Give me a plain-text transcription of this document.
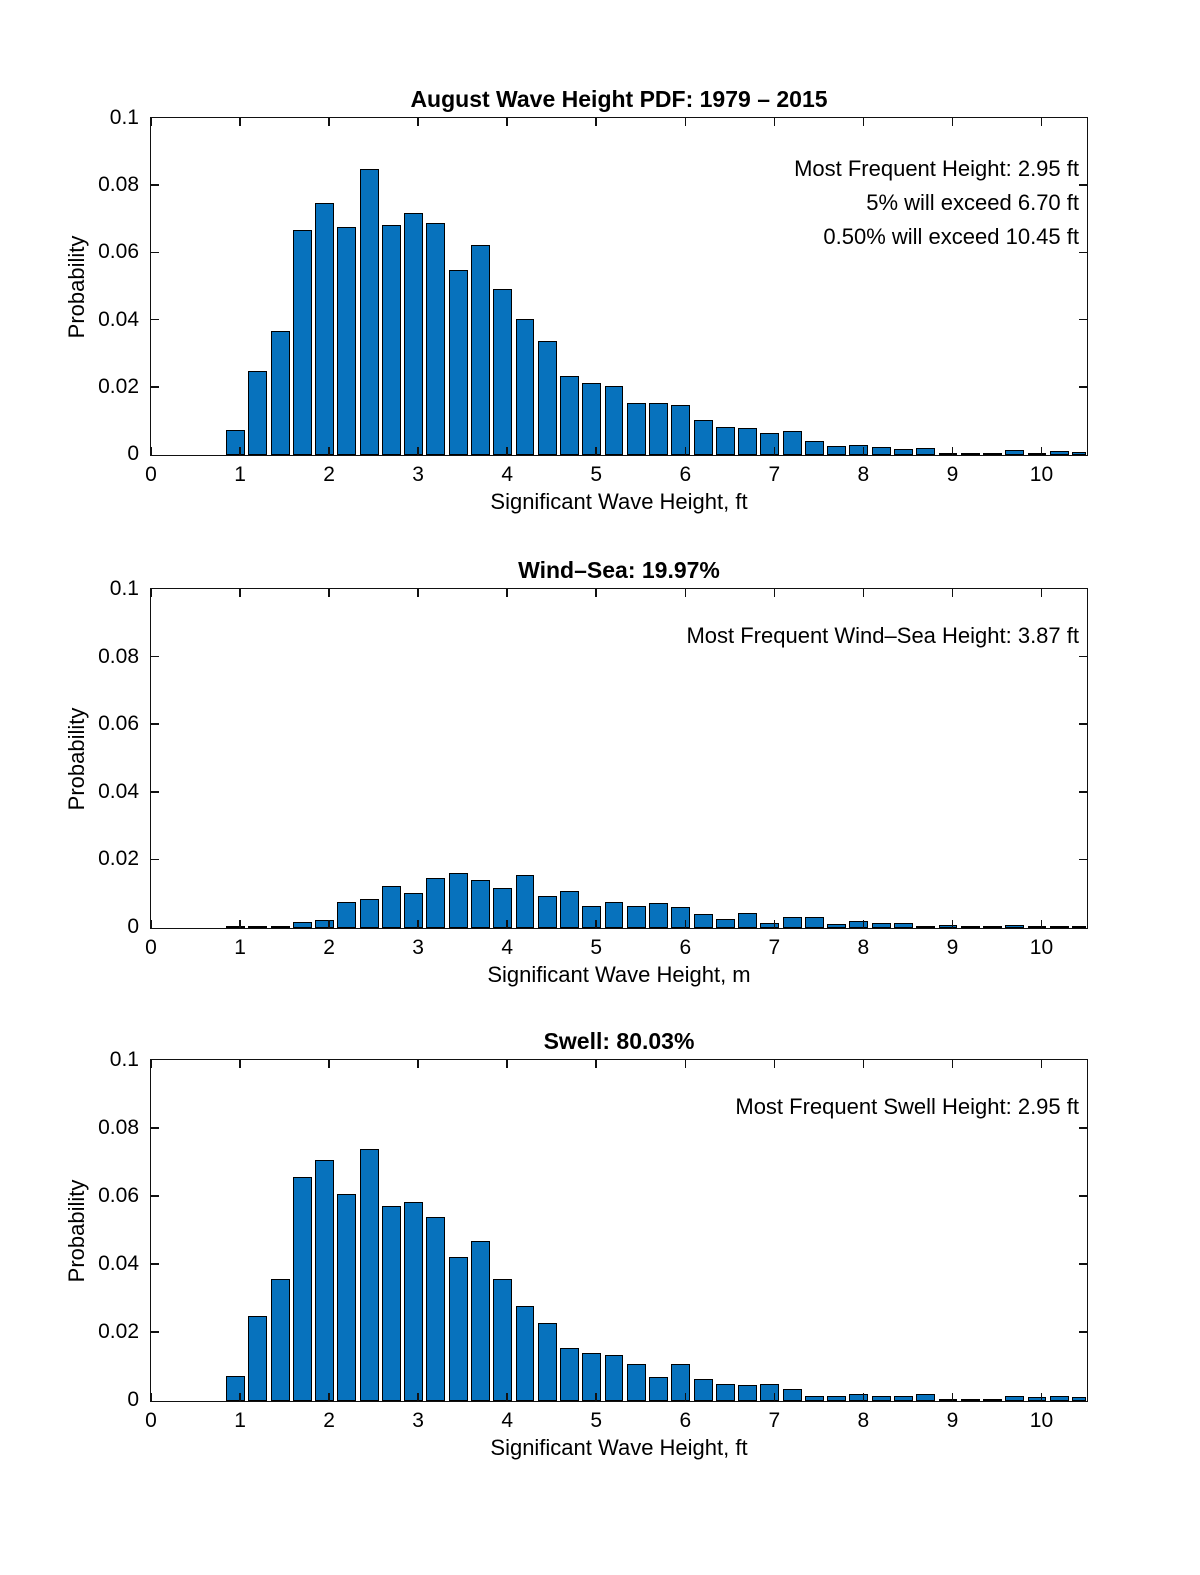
August Wave Height PDF: 1979 – 2015
Probability
Most Frequent Height: 2.95 ft
5% will exceed 6.70 ft
0.50% will exceed 10.45 ft
0	1	2	3	4	5	6	7	8	9	10
0
0.02
0.04
0.06
0.08
0.1
Significant Wave Height, ft
Wind–Sea: 19.97%
Probability
Most Frequent Wind–Sea Height: 3.87 ft
0	1	2	3	4	5	6	7	8	9	10
0
0.02
0.04
0.06
0.08
0.1
Significant Wave Height, m
Swell: 80.03%
Probability
Most Frequent Swell Height: 2.95 ft
0	1	2	3	4	5	6	7	8	9	10
0
0.02
0.04
0.06
0.08
0.1
Significant Wave Height, ft
